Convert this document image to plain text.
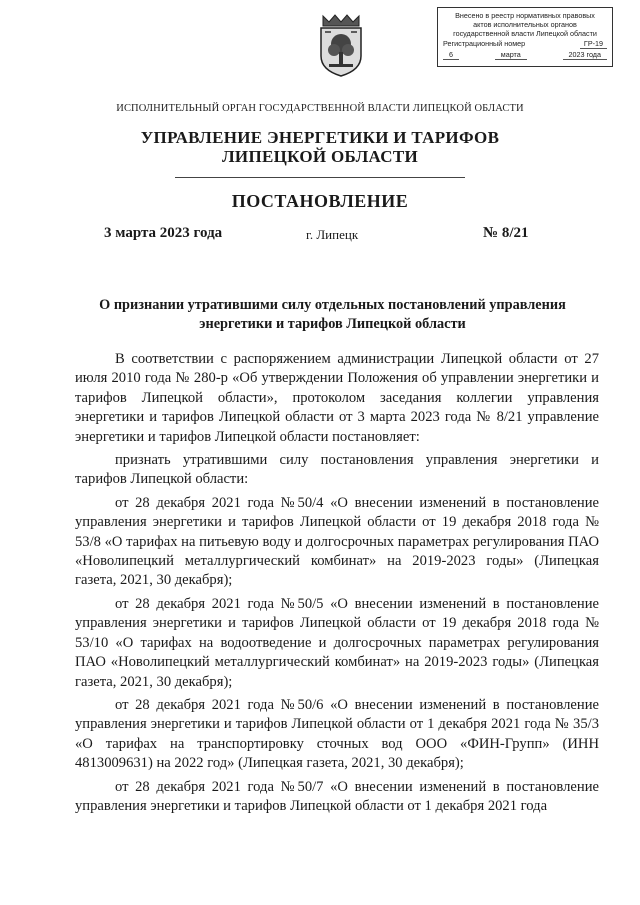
Внесено в реестр нормативных правовых
актов исполнительных органов
государственной власти Липецкой области
Регистрационный номер	ГР-19
6	марта	2023 года
ИСПОЛНИТЕЛЬНЫЙ ОРГАН ГОСУДАРСТВЕННОЙ ВЛАСТИ ЛИПЕЦКОЙ ОБЛАСТИ
УПРАВЛЕНИЕ ЭНЕРГЕТИКИ И ТАРИФОВ
ЛИПЕЦКОЙ ОБЛАСТИ
ПОСТАНОВЛЕНИЕ
3 марта 2023 года	г. Липецк	№ 8/21
О признании утратившими силу отдельных постановлений управления энергетики и тарифов Липецкой области

В соответствии с распоряжением администрации Липецкой области от 27 июля 2010 года № 280-р «Об утверждении Положения об управлении энергетики и тарифов Липецкой области», протоколом заседания коллегии управления энергетики и тарифов Липецкой области от 3 марта 2023 года № 8/21 управление энергетики и тарифов Липецкой области постановляет:

признать утратившими силу постановления управления энергетики и тарифов Липецкой области:

от 28 декабря 2021 года №50/4 «О внесении изменений в постановление управления энергетики и тарифов Липецкой области от 19 декабря 2018 года № 53/8 «О тарифах на питьевую воду и долгосрочных параметрах регулирования ПАО «Новолипецкий металлургический комбинат» на 2019-2023 годы» (Липецкая газета, 2021, 30 декабря);

от 28 декабря 2021 года №50/5 «О внесении изменений в постановление управления энергетики и тарифов Липецкой области от 19 декабря 2018 года № 53/10 «О тарифах на водоотведение и долгосрочных параметрах регулирования ПАО «Новолипецкий металлургический комбинат» на 2019-2023 годы» (Липецкая газета, 2021, 30 декабря);

от 28 декабря 2021 года №50/6 «О внесении изменений в постановление управления энергетики и тарифов Липецкой области от 1 декабря 2021 года № 35/3 «О тарифах на транспортировку сточных вод ООО «ФИН-Групп» (ИНН 4813009631) на 2022 год» (Липецкая газета, 2021, 30 декабря);

от 28 декабря 2021 года №50/7 «О внесении изменений в постановление управления энергетики и тарифов Липецкой области от 1 декабря 2021 года
